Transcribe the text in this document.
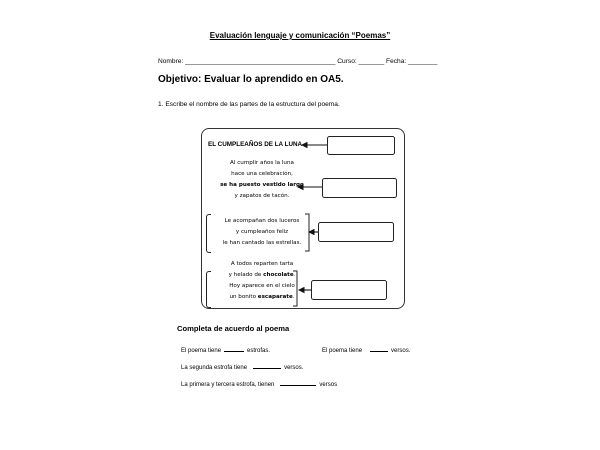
Evaluación lenguaje y comunicación “Poemas”
Nombre: _________________________________________ Curso: _______ Fecha: ________
Objetivo: Evaluar lo aprendido en OA5.
1. Escribe el nombre de las partes de la estructura del poema.
EL CUMPLEAÑOS DE LA LUNA
Al cumplir años la luna
hace una celebración,
se ha puesto vestido largo
y zapatos de tacón.
Le acompañan dos luceros
y cumpleaños feliz
le han cantado las estrellas.
A todos reparten tarta
y helado de chocolate.
Hoy aparece en el cielo
un bonito escaparate.
Completa de acuerdo al poema
El poema tiene	estrofas.	El poema tiene	versos.
La segunda estrofa tiene	versos.
La primera y tercera estrofa, tienen	versos
